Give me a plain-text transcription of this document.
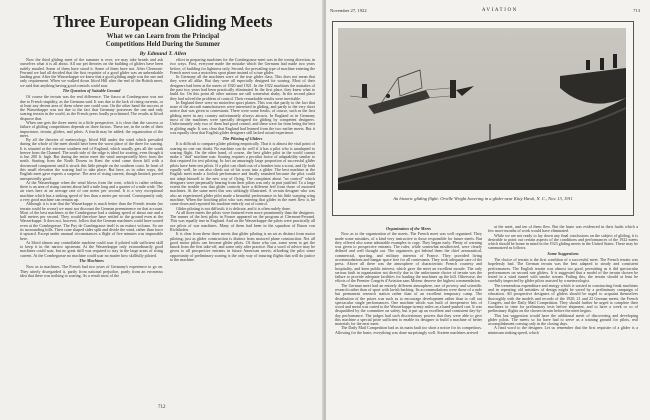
Three European Gliding Meets
What we can Learn from the Principal
Competitions Held During the Summer
By Edmund T. Allen

Now the third gliding meet of the summer is over, we may take breath and ask ourselves what it is all about. All our pet theories on the building of gliders have been rudely mauled. Some of them have stood it. Some of them have not. After Clermont-Ferrand we had all decided that the first requisite of a good glider was an unbreakable landing gear. After the Wasserkuppe we knew that a good gliding angle was the one and only requirement. When we walked down Itford Hill after the end of the British meet, we said that anything having good controls could soar.

The Question of Suitable Ground

Of course the terrain was the real difference. The fiasco at Combegrasse was not due to French stupidity, as the Germans said. It was due to the lack of rising currents, or at least any decent area of them where one could soar. On the other hand the success at the Wasserkuppe was not due to the fact that Germany possesses the one and only soaring terrain in the world, as the French press loudly proclaimed. The results at Itford disprove that.

When one gets the three meets in a little perspective, it is clear that the success or failure of gliding competitions depends on three factors. These are, in the order of their importance, terrain, gliders, and pilots. A fourth may be added; the organization of the meet.

By all the theories of meteorology, Itford Hill under the wind which prevailed during the whole of the meet should have been the worst place of the three for soaring. It is situated at the extreme southern end of England, which usually gets all the south breeze from the Channel. The south side of the ridge is ideal for soaring, even though it is but 200 ft. high. But during the entire meet the wind unexpectedly blew from the north. Starting from the North Downs in Kent the wind came down hill with a downward component until it struck this little pimple on the southern coast. In front of this small elevation the soaring had to take place. But here, as in other ways, the English meet gave experts a surprise. The area of rising current, though limited, proved unexpectedly good.

At the Wasserkuppe when the wind blows from the west, which is rather seldom, there is an area of rising current about half a mile long and a quarter of a mile wide. The air rises here at an average rate of one meter per second. It is a very exceptional machine which has a sinking speed of less than a meter per second. Consequently only a very good machine can remain up.

Although it is true that the Wasserkuppe is much better than the French terrain (no terrain could be worse) we must not discount the German preeminence on that account. Most of the best machines at the Combegrasse had a sinking speed of about one and a half meters per second. They would therefore have settled to the ground even at the Wasserkuppe. It does not, however, follow that the German machines could have soared even at the Combegrasse. The Puy de Combegrasse itself is an extinct volcano. So are its surrounding hills. Their cone shaped sides split and divide the wind, rather than force it upward. Except under unusual circumstances a flight of five minutes was impossible here.

At Itford almost any controllable machine could soar if piloted with sufficient skill to keep it in the narrow upstream. At the Wasserkuppe only extraordinarily good machines could soar, but no great skill was required to stay in the large areas of rising current. At the Combegrasse no machine could soar no matter how skillfully piloted.

The Machines

Now as to machines. The French had two years of Germany's experience to go on. They utterly disregarded it, partly from national prejudice, partly from an erroneous idea that there was nothing to soaring. As a result most of the

effort in preparing machines for the Combegrasse meet was in the wrong direction, in two ways. First, everyone made the mistake which the Germans had made two years before, of building for lightness only. Second, the prevailing type of machine entering the French meet was a motorless sport plane instead of a true glider.

In Germany all the machines were of the true glider class. This does not mean that they were all alike. But they were all especially designed for soaring. Most of their designers had been at the meets of 1920 and 1921. In the 1922 machines the mistakes of the past two years had been practically eliminated. In the first place, they knew what to build for. On this point all other nations are still somewhat shaky. In the second place they had solved the problem of control. Their remarkable results were inevitable.

In England there were no motorless sport planes. This was due partly to the fact that none of the aircraft manufacturers were interested in gliding, and partly to the very short notice that was given to contestants. There were some freaks, of course, such as the first gliding meet in any country unfortunately always attracts. In England as in Germany most of the machines were specially designed for gliding by competent designers. Unfortunately only two of them had good control, and these were far from being the best in gliding angle. It was clear that England had learned from the two earlier meets. But it was equally clear that English glider designers still lacked actual experience.

The Piloting of Gliders

It is difficult to compare glider piloting empirically. That it is almost the vital point of soaring no one can doubt. No machine can do well if it has a pilot who is unadapted to soaring flight. On the other hand, of course, the best glider pilot in the world cannot make a "dud" machine soar. Soaring requires a peculiar factor of adaptability similar to that required for test piloting. In fact an amazingly large proportion of successful glider pilots have been test pilots. If a pilot can climb out of a bomber into a scout, and fly both equally well, he can also climb out of his scout into a glider. The best machine at the English meet made a foolish performance and finally smashed because the pilot could not adapt himself to the new way of flying. The complaint about "no control" which designers were perpetually hearing from their pilots was only in part justified. To a large extent the trouble was that glider controls have a different feel from those of motored machines. At the same meet this was strikingly illustrated. A certain designer who was also an experienced glider pilot made a beautiful performance in his little warping wing machine. When the botching pilot who was entering that glider in the meet flew it, he came down and reported his machine entirely out of control.

Glider piloting is not difficult; it is delicate, and it is often rudely done.

At all three meets the pilots were featured even more prominently than the designers. The names of the best pilots in France appeared on the program at Clermont-Ferrand. This was equally true in England. And on the Wasserkuppe the pilots were practically all ace pilots of war machines. Many of them had been in the squadron of Baron von Richthofen.

It is clear from these three meets that glider piloting is an art as distinct from motor piloting, just as glider construction is distinct from motored plane construction. Not all good motor pilots can become glider pilots. Of those who can, some seem to get the knack from the first take-off, and some only after practice. But a word of advice may be given to all prospective entrants in future American meets; affording the pilot some opportunity of preliminary soaring is the only way of insuring flights that will do justice to the machine.

712
November 27, 1922	AVIATION	713
An historic gliding flight: Orville Wright hovering in a glider near Kitty Hawk, N. C., Nov. 13, 1911
Organization of the Meets

Now as to the organization of the meets. The French meet was well organized. They made some mistakes, of a kind very instructive to those responsible for future meets. But they offered also some admirable examples to copy. They began early. Plenty of warning was given to prospective entrants. The rules, while somewhat misdirected, were clearly defined and well thought out. The organizers got behind them the chief aeronautical, commercial, sporting, and military interests of France. They provided living accommodations and hangar space free for all contestants. They took adequate care of the press. Above all there was the atmosphere of characteristic French courtesy and hospitality, and keen public interest, which gave the meet an excellent morale. The only serious fault in organization not directly due to the unfortunate choice of terrain was the failure to provide adequate facilities for hauling the machines up the hill. Otherwise, the efforts of the Premier Congrès d'Aviation sans Moteur deserve the highest commendation.

The German meet had an entirely different atmosphere, one of poverty and scientific research rather than of sport with lavish backing. Its accommodations were those of a rude but permanent research station rather than of an excellent temporary camp. The distribution of the prizes was such as to encourage development rather than to call out spectacular single performances. One machine which was built of inexpensive bits of wood and metal was carted to the Wasserkuppe twenty miles on a hand-pushed cart. It was disqualified by the committee on safety, but it put up an excellent and consistent day-by-day performance. The judges had such discretionary powers that they were able to give this machine a special prize sufficient to enable its designer to build a machine of better materials for the next meet.

The Daily Mail Competition had as its main fault too short a notice for its competitors. Allowing for the haste, everything was done surprisingly well. Sixteen machines arrived

at the meet, and ten of them flew. But the haste was evidenced in their faults which a few more months of work would have eliminated.

While we are not ready to lay down any final conclusions on the subject of gliding, it is desirable to point out certain aspects of the conditions and performances of the 1922 meets which should be borne in mind in the 1923 gliding meets in the United States. These may be summarized as follows.

Some Suggestions

The choice of terrain is the first condition of a successful meet. The French terrain was hopelessly bad. The German terrain was the best adapted to steady and consistent performances. The English terrain was almost too good, permitting as it did spectacular performances on second rate gliders. It is suggested that a model of the terrain chosen be tested in a wind tunnel with smoke stream. Failing this, the terrain should at least be carefully inspected by glider pilots assisted by a meteorologist.

The tremendous expenditure and energy which is wasted in constructing freak machines and in repeating old mistakes of design might be saved by a preliminary campaign of education. All prospective designers of gliders should be urged to acquaint themselves thoroughly with the models and records of the 1920, 21 and 22 German meets, the French Congrès, and the Daily Mail Competition. They should further be urged to complete their machines in time for preliminary tests before shipment, and to have a week or so of preliminary flights on the chosen terrain before the meet begins.

This last suggestion would have the additional merit of discovering and developing glider pilots. The meets so far have had to serve as a training ground for pilots, real accomplishment coming only in the closing days.

A final word to the designer. Let us remember that the first requisite of a glider is a minimum sinking speed, which
